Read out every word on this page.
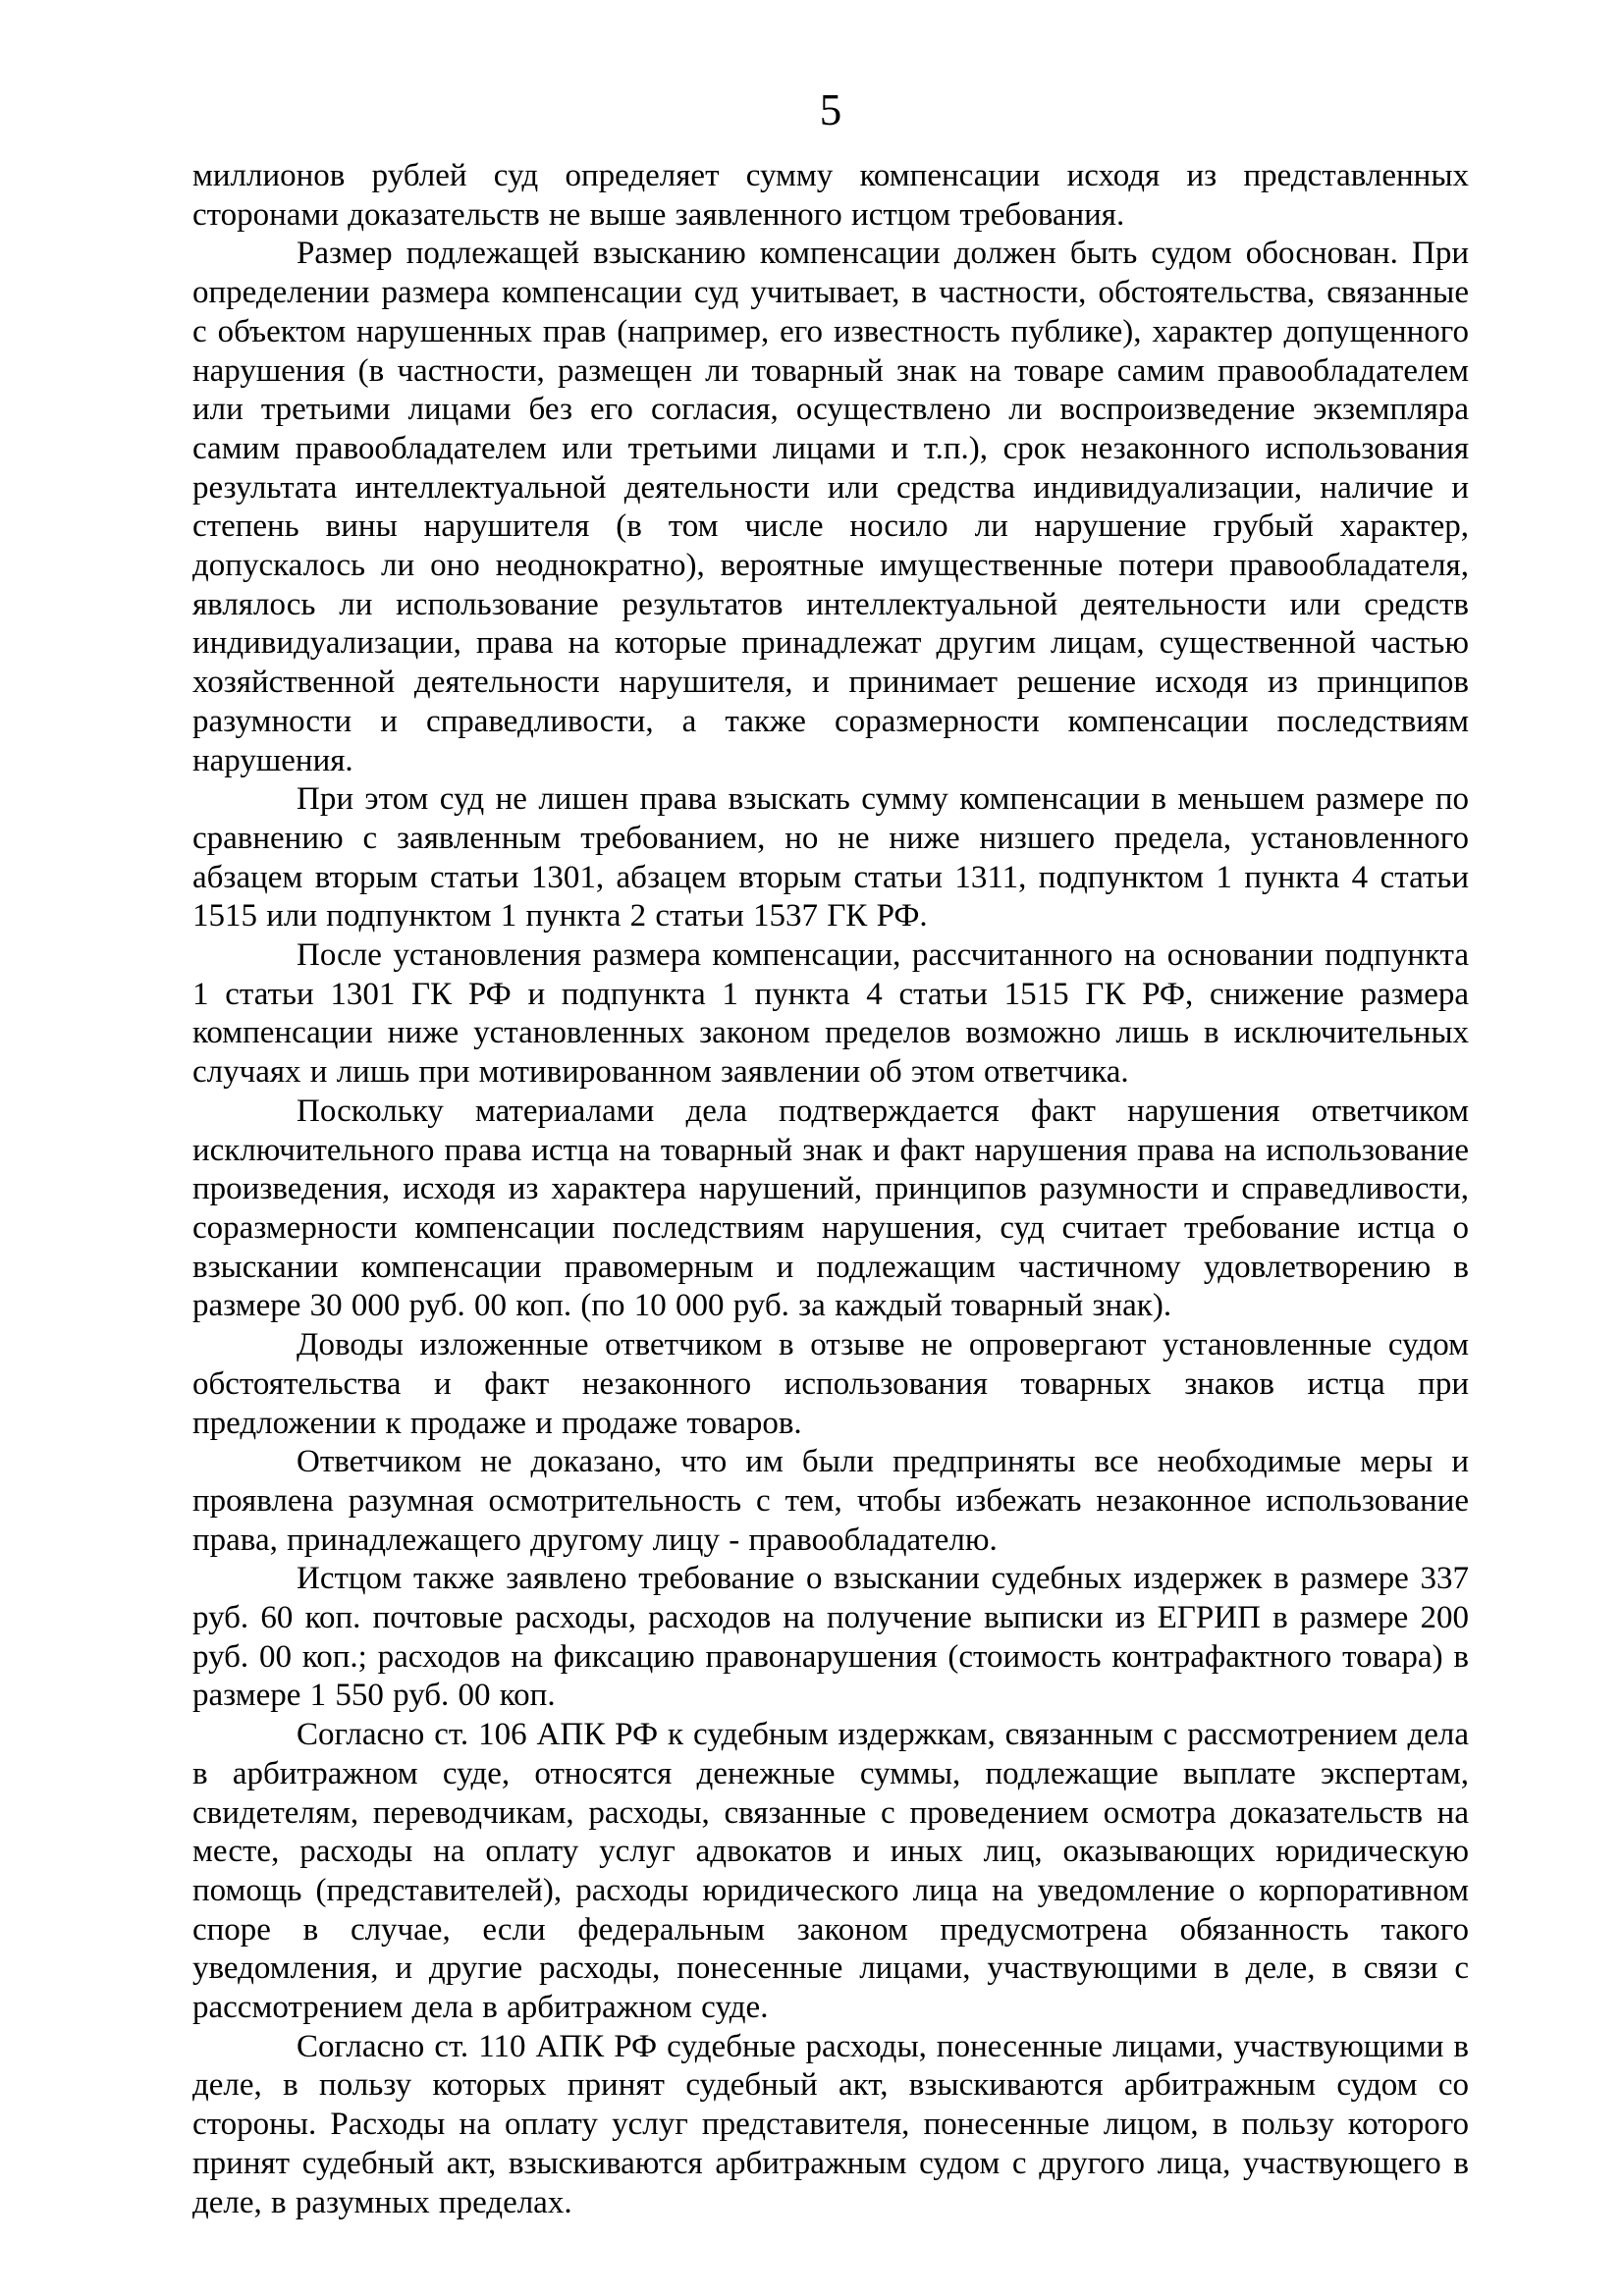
5

миллионов рублей суд определяет сумму компенсации исходя из представленных сторонами доказательств не выше заявленного истцом требования.

Размер подлежащей взысканию компенсации должен быть судом обоснован. При определении размера компенсации суд учитывает, в частности, обстоятельства, связанные с объектом нарушенных прав (например, его известность публике), характер допущенного нарушения (в частности, размещен ли товарный знак на товаре самим правообладателем или третьими лицами без его согласия, осуществлено ли воспроизведение экземпляра самим правообладателем или третьими лицами и т.п.), срок незаконного использования результата интеллектуальной деятельности или средства индивидуализации, наличие и степень вины нарушителя (в том числе носило ли нарушение грубый характер, допускалось ли оно неоднократно), вероятные имущественные потери правообладателя, являлось ли использование результатов интеллектуальной деятельности или средств индивидуализации, права на которые принадлежат другим лицам, существенной частью хозяйственной деятельности нарушителя, и принимает решение исходя из принципов разумности и справедливости, а также соразмерности компенсации последствиям нарушения.

При этом суд не лишен права взыскать сумму компенсации в меньшем размере по сравнению с заявленным требованием, но не ниже низшего предела, установленного абзацем вторым статьи 1301, абзацем вторым статьи 1311, подпунктом 1 пункта 4 статьи 1515 или подпунктом 1 пункта 2 статьи 1537 ГК РФ.

После установления размера компенсации, рассчитанного на основании подпункта 1 статьи 1301 ГК РФ и подпункта 1 пункта 4 статьи 1515 ГК РФ, снижение размера компенсации ниже установленных законом пределов возможно лишь в исключительных случаях и лишь при мотивированном заявлении об этом ответчика.

Поскольку материалами дела подтверждается факт нарушения ответчиком исключительного права истца на товарный знак и факт нарушения права на использование произведения, исходя из характера нарушений, принципов разумности и справедливости, соразмерности компенсации последствиям нарушения, суд считает требование истца о взыскании компенсации правомерным и подлежащим частичному удовлетворению в размере 30 000 руб. 00 коп. (по 10 000 руб. за каждый товарный знак).

Доводы изложенные ответчиком в отзыве не опровергают установленные судом обстоятельства и факт незаконного использования товарных знаков истца при предложении к продаже и продаже товаров.

Ответчиком не доказано, что им были предприняты все необходимые меры и проявлена разумная осмотрительность с тем, чтобы избежать незаконное использование права, принадлежащего другому лицу - правообладателю.

Истцом также заявлено требование о взыскании судебных издержек в размере 337 руб. 60 коп. почтовые расходы, расходов на получение выписки из ЕГРИП в размере 200 руб. 00 коп.; расходов на фиксацию правонарушения (стоимость контрафактного товара) в размере 1 550 руб. 00 коп.

Согласно ст. 106 АПК РФ к судебным издержкам, связанным с рассмотрением дела в арбитражном суде, относятся денежные суммы, подлежащие выплате экспертам, свидетелям, переводчикам, расходы, связанные с проведением осмотра доказательств на месте, расходы на оплату услуг адвокатов и иных лиц, оказывающих юридическую помощь (представителей), расходы юридического лица на уведомление о корпоративном споре в случае, если федеральным законом предусмотрена обязанность такого уведомления, и другие расходы, понесенные лицами, участвующими в деле, в связи с рассмотрением дела в арбитражном суде.

Согласно ст. 110 АПК РФ судебные расходы, понесенные лицами, участвующими в деле, в пользу которых принят судебный акт, взыскиваются арбитражным судом со стороны. Расходы на оплату услуг представителя, понесенные лицом, в пользу которого принят судебный акт, взыскиваются арбитражным судом с другого лица, участвующего в деле, в разумных пределах.
